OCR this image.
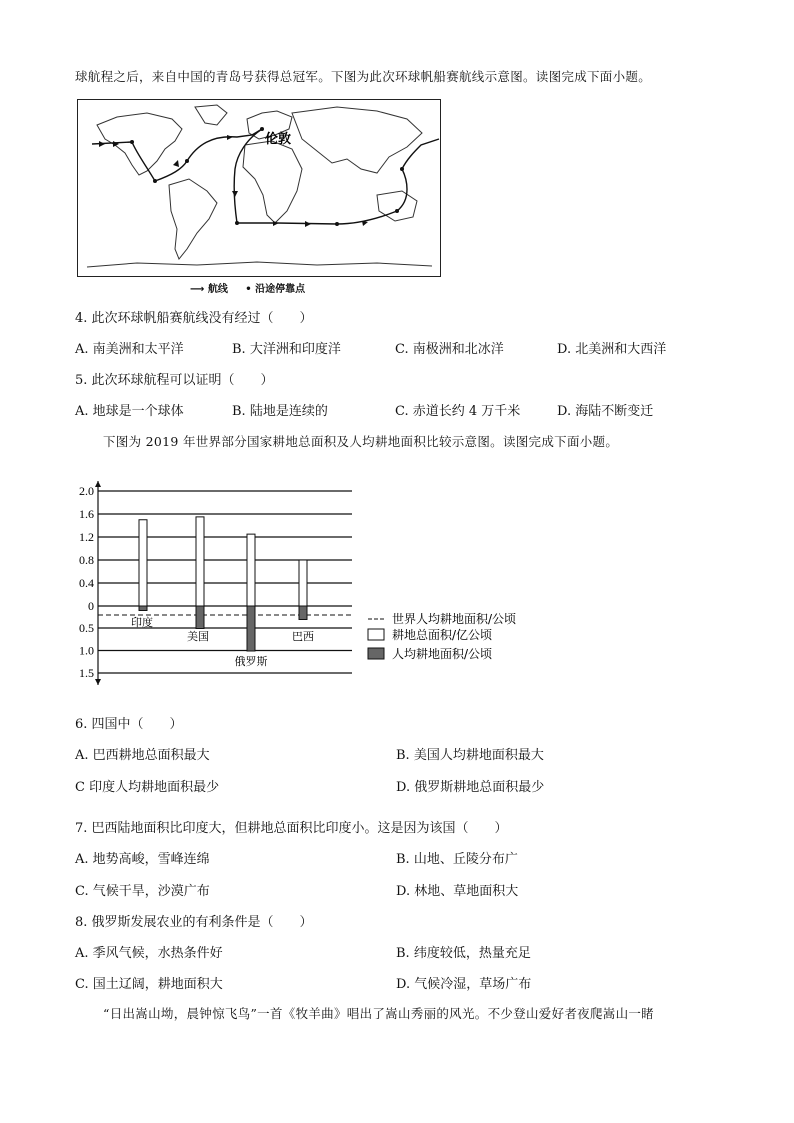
球航程之后，来自中国的青岛号获得总冠军。下图为此次环球帆船赛航线示意图。读图完成下面小题。
伦敦
⟶ 航线 • 沿途停靠点
4. 此次环球帆船赛航线没有经过（　　）
A. 南美洲和太平洋	B. 大洋洲和印度洋	C. 南极洲和北冰洋	D. 北美洲和大西洋
5. 此次环球航程可以证明（　　）
A. 地球是一个球体	B. 陆地是连续的	C. 赤道长约 4 万千米	D. 海陆不断变迁
下图为 2019 年世界部分国家耕地总面积及人均耕地面积比较示意图。读图完成下面小题。
2.0
1.6
1.2
0.8
0.4
0
0.5
1.0
1.5
印度
美国
俄罗斯
巴西
世界人均耕地面积/公顷
耕地总面积/亿公顷
人均耕地面积/公顷
6. 四国中（　　）
A. 巴西耕地总面积最大	B. 美国人均耕地面积最大
C 印度人均耕地面积最少	D. 俄罗斯耕地总面积最少
7. 巴西陆地面积比印度大，但耕地总面积比印度小。这是因为该国（　　）
A. 地势高峻，雪峰连绵	B. 山地、丘陵分布广
C. 气候干旱，沙漠广布	D. 林地、草地面积大
8. 俄罗斯发展农业的有利条件是（　　）
A. 季风气候，水热条件好	B. 纬度较低，热量充足
C. 国土辽阔，耕地面积大	D. 气候冷湿，草场广布
“日出嵩山坳，晨钟惊飞鸟”一首《牧羊曲》唱出了嵩山秀丽的风光。不少登山爱好者夜爬嵩山一睹
